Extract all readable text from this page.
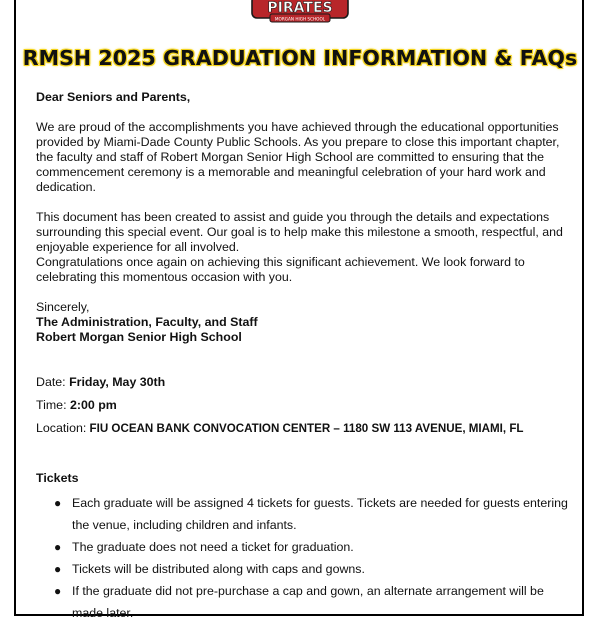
PIRATES
MORGAN HIGH SCHOOL
RMSH 2025 GRADUATION INFORMATION & FAQs

Dear Seniors and Parents,

We are proud of the accomplishments you have achieved through the educational opportunities provided by Miami-Dade County Public Schools. As you prepare to close this important chapter, the faculty and staff of Robert Morgan Senior High School are committed to ensuring that the commencement ceremony is a memorable and meaningful celebration of your hard work and dedication.

This document has been created to assist and guide you through the details and expectations surrounding this special event. Our goal is to help make this milestone a smooth, respectful, and enjoyable experience for all involved.

Congratulations once again on achieving this significant achievement. We look forward to celebrating this momentous occasion with you.

Sincerely,

The Administration, Faculty, and Staff

Robert Morgan Senior High School

Date: Friday, May 30th

Time: 2:00 pm

Location: FIU OCEAN BANK CONVOCATION CENTER – 1180 SW 113 AVENUE, MIAMI, FL

Tickets

● Each graduate will be assigned 4 tickets for guests. Tickets are needed for guests entering the venue, including children and infants.
● The graduate does not need a ticket for graduation.
● Tickets will be distributed along with caps and gowns.
● If the graduate did not pre-purchase a cap and gown, an alternate arrangement will be made later.
